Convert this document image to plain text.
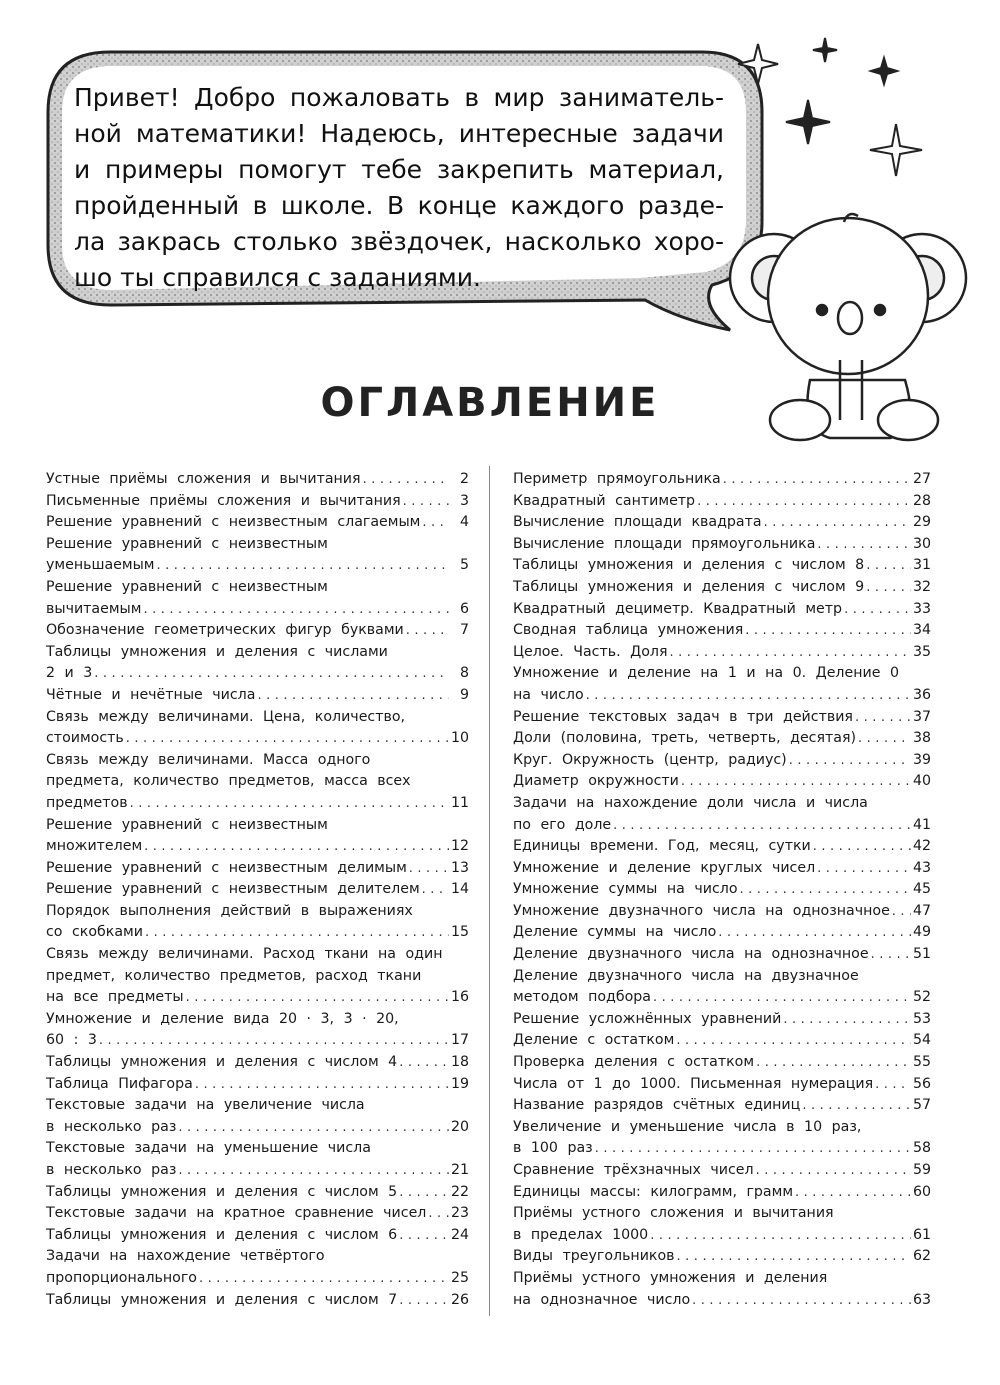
Привет! Добро пожаловать в мир заниматель-
ной математики! Надеюсь, интересные задачи
и примеры помогут тебе закрепить материал,
пройденный в школе. В конце каждого разде-
ла закрась столько звёздочек, насколько хоро-
шо ты справился с заданиями.
ОГЛАВЛЕНИЕ
Устные приёмы сложения и вычитания .....	2
Письменные приёмы сложения и вычитания .....	3
Решение уравнений с неизвестным слагаемым .....	4
Решение уравнений с неизвестным
уменьшаемым .....	5
Решение уравнений с неизвестным
вычитаемым .....	6
Обозначение геометрических фигур буквами .....	7
Таблицы умножения и деления с числами
2 и 3 .....	8
Чётные и нечётные числа .....	9
Связь между величинами. Цена, количество,
стоимость .....	10
Связь между величинами. Масса одного
предмета, количество предметов, масса всех
предметов .....	11
Решение уравнений с неизвестным
множителем .....	12
Решение уравнений с неизвестным делимым .....	13
Решение уравнений с неизвестным делителем ..... 14
Порядок выполнения действий в выражениях
со скобками .....	15
Связь между величинами. Расход ткани на один
предмет, количество предметов, расход ткани
на все предметы .....	16
Умножение и деление вида 20 · 3, 3 · 20,
60 : 3 .....	17
Таблицы умножения и деления с числом 4 .....	18
Таблица Пифагора .....	19
Текстовые задачи на увеличение числа
в несколько раз .....	20
Текстовые задачи на уменьшение числа
в несколько раз .....	21
Таблицы умножения и деления с числом 5 .....	22
Текстовые задачи на кратное сравнение чисел ..... 23
Таблицы умножения и деления с числом 6 .....	24
Задачи на нахождение четвёртого
пропорционального .....	25
Таблицы умножения и деления с числом 7 .....	26
Периметр прямоугольника .....	27
Квадратный сантиметр .....	28
Вычисление площади квадрата .....	29
Вычисление площади прямоугольника .....	30
Таблицы умножения и деления с числом 8 .....	31
Таблицы умножения и деления с числом 9 .....	32
Квадратный дециметр. Квадратный метр .....	33
Сводная таблица умножения .....	34
Целое. Часть. Доля .....	35
Умножение и деление на 1 и на 0. Деление 0
на число .....	36
Решение текстовых задач в три действия .....	37
Доли (половина, треть, четверть, десятая) .....	38
Круг. Окружность (центр, радиус) .....	39
Диаметр окружности .....	40
Задачи на нахождение доли числа и числа
по его доле .....	41
Единицы времени. Год, месяц, сутки .....	42
Умножение и деление круглых чисел .....	43
Умножение суммы на число .....	45
Умножение двузначного числа на однозначное ..... 47
Деление суммы на число .....	49
Деление двузначного числа на однозначное .....	51
Деление двузначного числа на двузначное
методом подбора .....	52
Решение усложнённых уравнений .....	53
Деление с остатком .....	54
Проверка деления с остатком .....	55
Числа от 1 до 1000. Письменная нумерация .....	56
Название разрядов счётных единиц .....	57
Увеличение и уменьшение числа в 10 раз,
в 100 раз .....	58
Сравнение трёхзначных чисел .....	59
Единицы массы: килограмм, грамм .....	60
Приёмы устного сложения и вычитания
в пределах 1000 .....	61
Виды треугольников .....	62
Приёмы устного умножения и деления
на однозначное число .....	63
